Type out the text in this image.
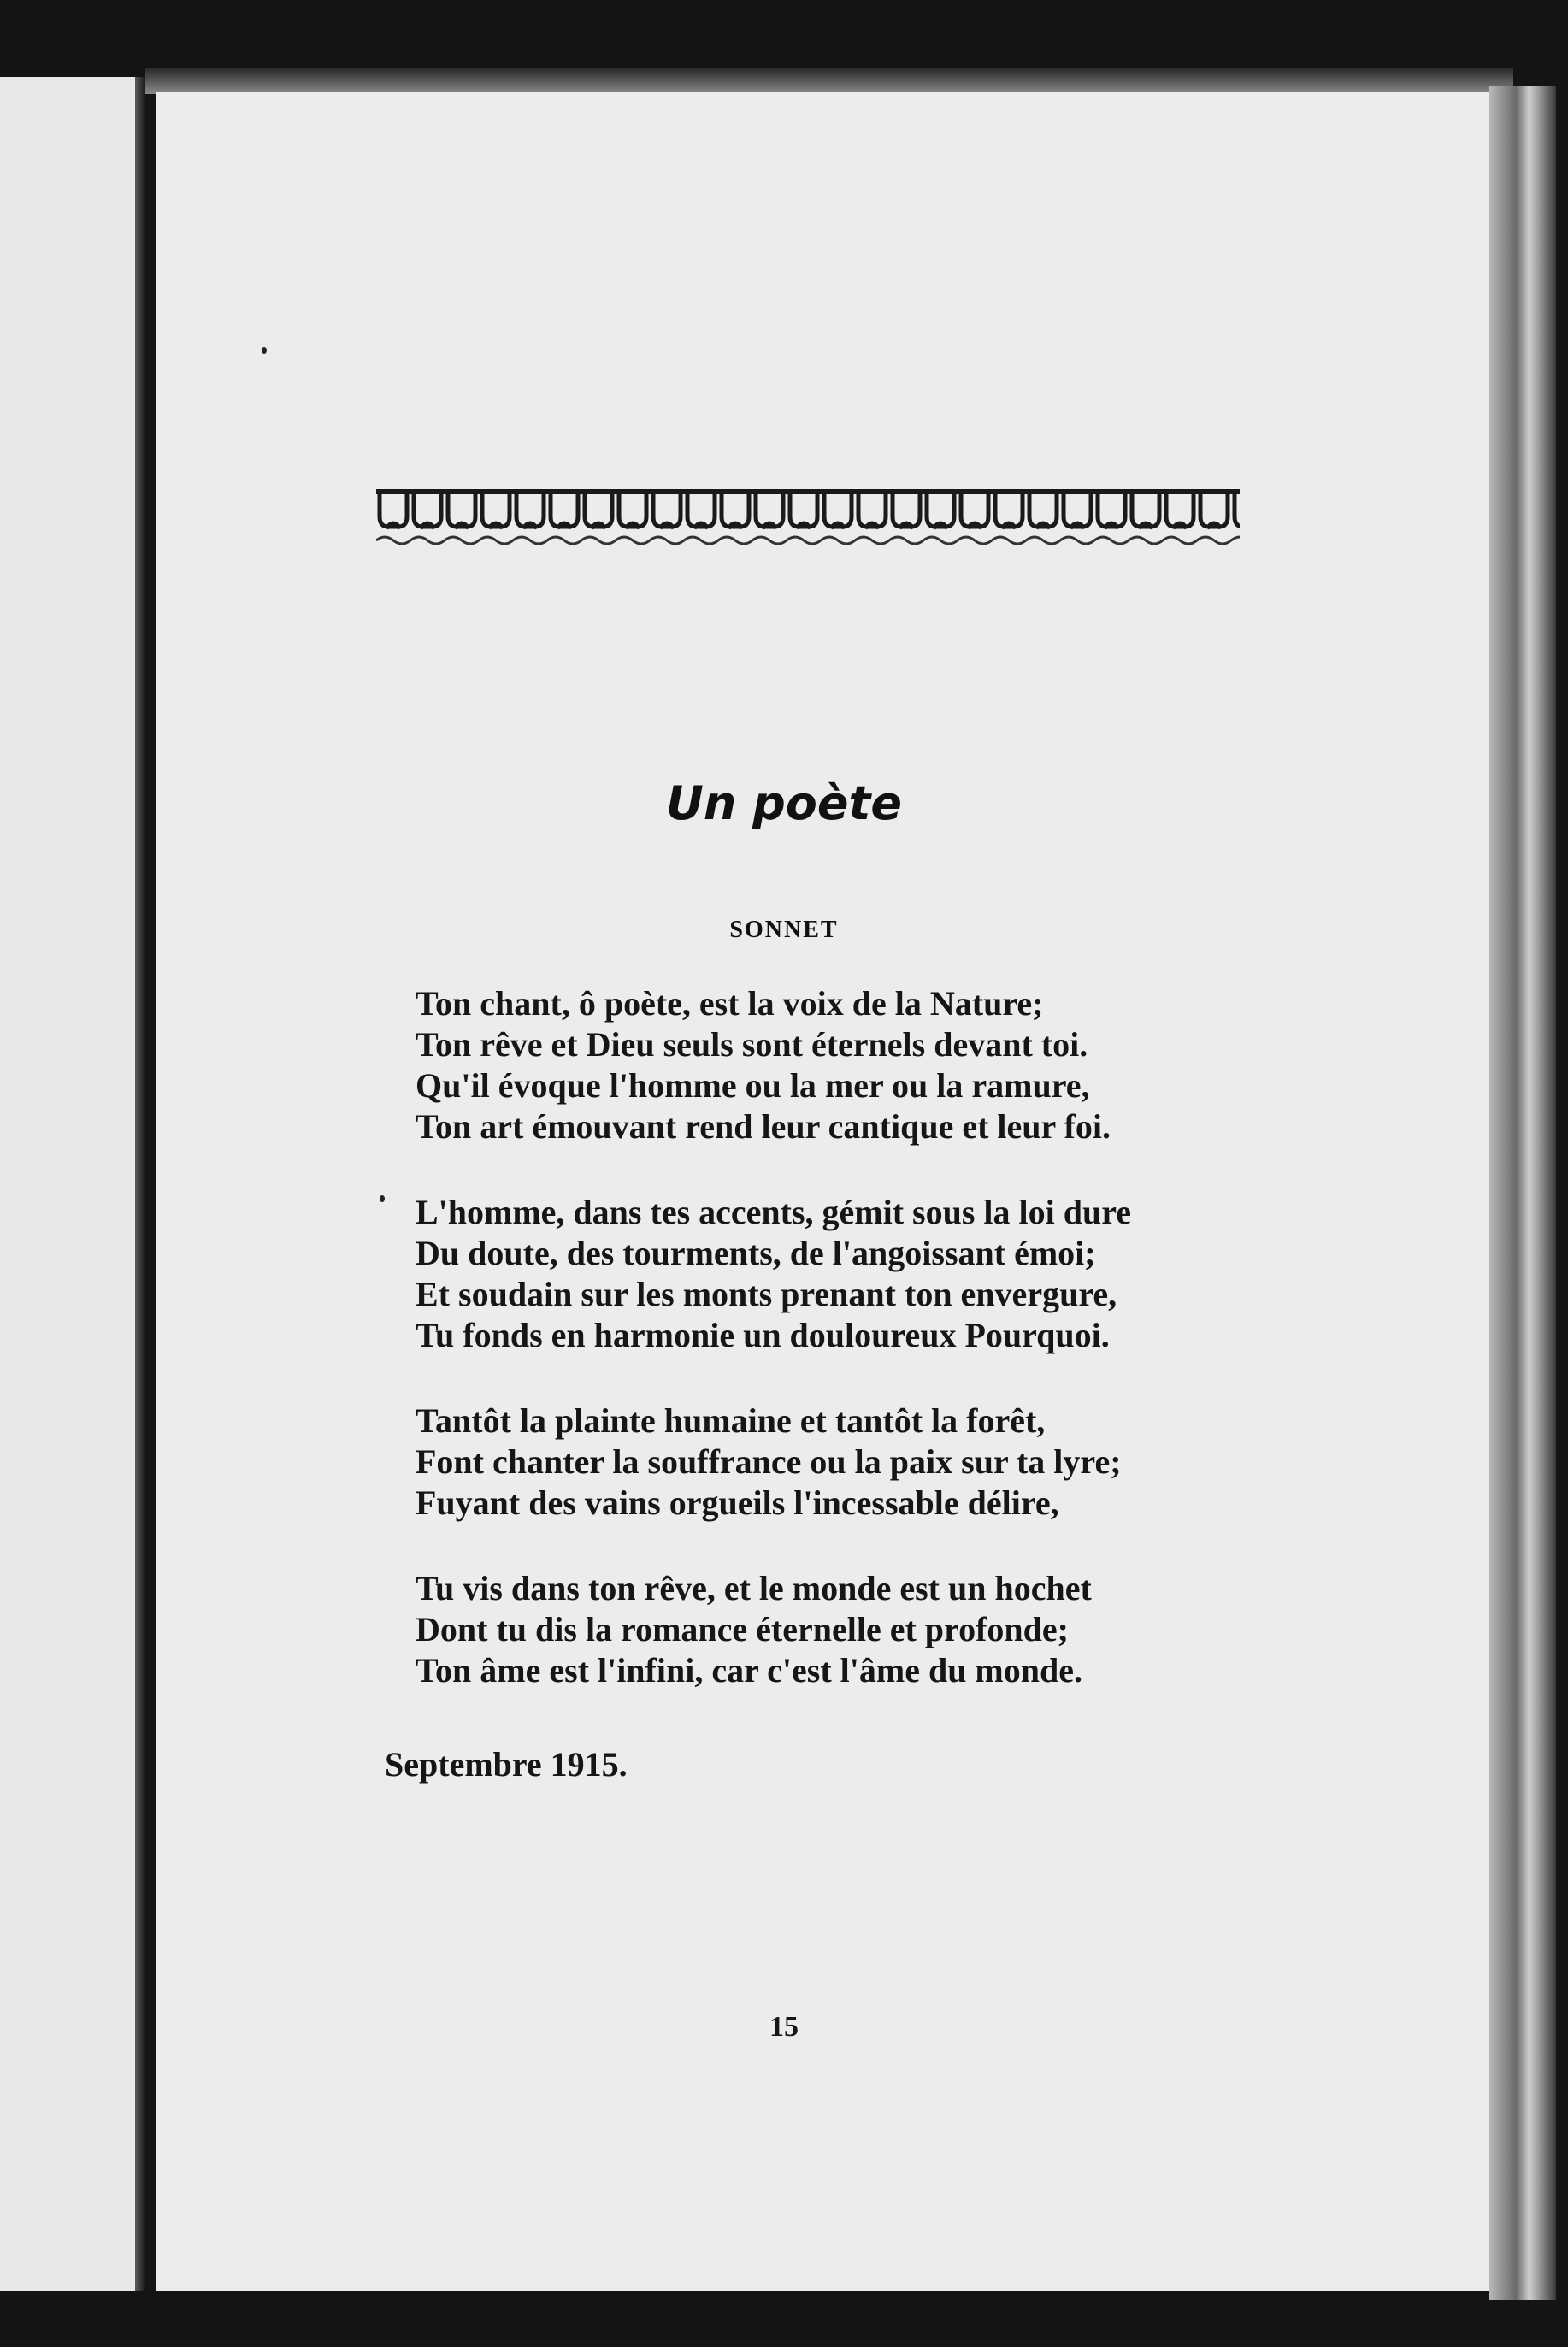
Un poète
SONNET
Ton chant, ô poète, est la voix de la Nature;
Ton rêve et Dieu seuls sont éternels devant toi.
Qu'il évoque l'homme ou la mer ou la ramure,
Ton art émouvant rend leur cantique et leur foi.
L'homme, dans tes accents, gémit sous la loi dure
Du doute, des tourments, de l'angoissant émoi;
Et soudain sur les monts prenant ton envergure,
Tu fonds en harmonie un douloureux Pourquoi.
Tantôt la plainte humaine et tantôt la forêt,
Font chanter la souffrance ou la paix sur ta lyre;
Fuyant des vains orgueils l'incessable délire,
Tu vis dans ton rêve, et le monde est un hochet
Dont tu dis la romance éternelle et profonde;
Ton âme est l'infini, car c'est l'âme du monde.
Septembre 1915.
15
